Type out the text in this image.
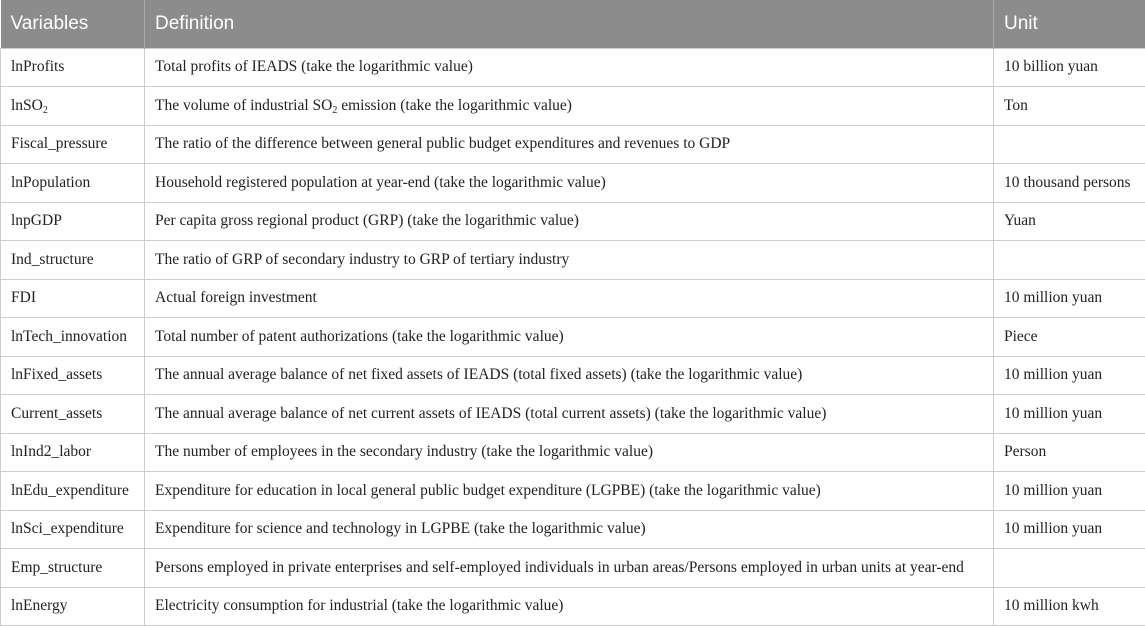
Variables	Definition	Unit
lnProfits	Total profits of IEADS (take the logarithmic value)	10 billion yuan
lnSO$_2$	The volume of industrial $SO_2$ emission (take the logarithmic value)	Ton
Fiscal_pressure	The ratio of the difference between general public budget expenditures and revenues to GDP	
lnPopulation	Household registered population at year-end (take the logarithmic value)	10 thousand persons
lnpGDP	Per capita gross regional product (GRP) (take the logarithmic value)	Yuan
Ind_structure	The ratio of GRP of secondary industry to GRP of tertiary industry	
FDI	Actual foreign investment	10 million yuan
lnTech_innovation	Total number of patent authorizations (take the logarithmic value)	Piece
lnFixed_assets	The annual average balance of net fixed assets of IEADS (total fixed assets) (take the logarithmic value)	10 million yuan
Current_assets	The annual average balance of net current assets of IEADS (total current assets) (take the logarithmic value)	10 million yuan
lnInd2_labor	The number of employees in the secondary industry (take the logarithmic value)	Person
lnEdu_expenditure	Expenditure for education in local general public budget expenditure (LGPBE) (take the logarithmic value)	10 million yuan
lnSci_expenditure	Expenditure for science and technology in LGPBE (take the logarithmic value)	10 million yuan
Emp_structure	Persons employed in private enterprises and self-employed individuals in urban areas/Persons employed in urban units at year-end	
lnEnergy	Electricity consumption for industrial (take the logarithmic value)	10 million kwh
